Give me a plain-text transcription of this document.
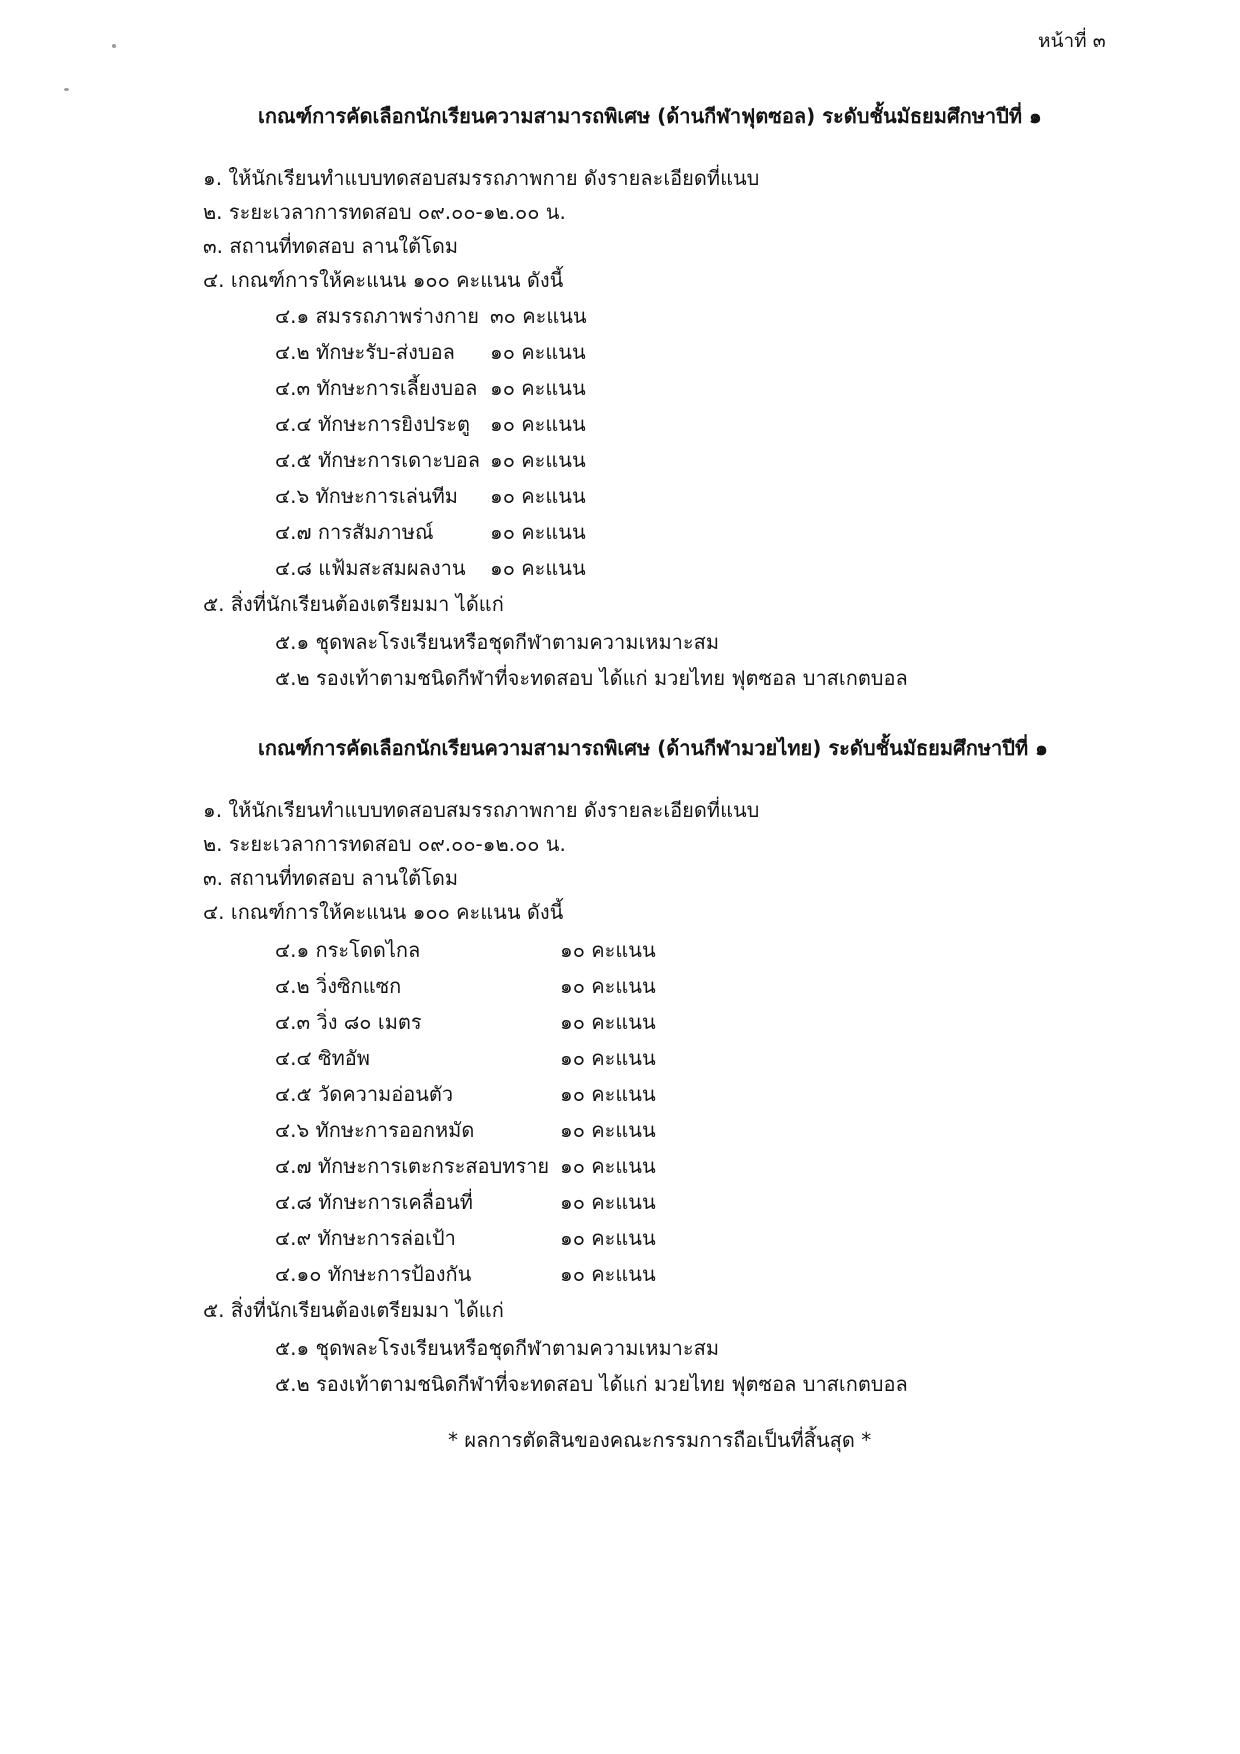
หน้าที่ ๓
เกณฑ์การคัดเลือกนักเรียนความสามารถพิเศษ (ด้านกีฬาฟุตซอล) ระดับชั้นมัธยมศึกษาปีที่ ๑
๑. ให้นักเรียนทำแบบทดสอบสมรรถภาพกาย ดังรายละเอียดที่แนบ
๒. ระยะเวลาการทดสอบ ๐๙.๐๐-๑๒.๐๐ น.
๓. สถานที่ทดสอบ ลานใต้โดม
๔. เกณฑ์การให้คะแนน ๑๐๐ คะแนน ดังนี้
๔.๑ สมรรถภาพร่างกาย ๓๐ คะแนน
๔.๒ ทักษะรับ-ส่งบอล ๑๐ คะแนน
๔.๓ ทักษะการเลี้ยงบอล ๑๐ คะแนน
๔.๔ ทักษะการยิงประตู ๑๐ คะแนน
๔.๕ ทักษะการเดาะบอล ๑๐ คะแนน
๔.๖ ทักษะการเล่นทีม ๑๐ คะแนน
๔.๗ การสัมภาษณ์	๑๐ คะแนน
๔.๘ แฟ้มสะสมผลงาน ๑๐ คะแนน
๕. สิ่งที่นักเรียนต้องเตรียมมา ได้แก่
๕.๑ ชุดพละโรงเรียนหรือชุดกีฬาตามความเหมาะสม
๕.๒ รองเท้าตามชนิดกีฬาที่จะทดสอบ ได้แก่ มวยไทย ฟุตซอล บาสเกตบอล
เกณฑ์การคัดเลือกนักเรียนความสามารถพิเศษ (ด้านกีฬามวยไทย) ระดับชั้นมัธยมศึกษาปีที่ ๑
๑. ให้นักเรียนทำแบบทดสอบสมรรถภาพกาย ดังรายละเอียดที่แนบ
๒. ระยะเวลาการทดสอบ ๐๙.๐๐-๑๒.๐๐ น.
๓. สถานที่ทดสอบ ลานใต้โดม
๔. เกณฑ์การให้คะแนน ๑๐๐ คะแนน ดังนี้
๔.๑ กระโดดไกล	๑๐ คะแนน
๔.๒ วิ่งซิกแซก	๑๐ คะแนน
๔.๓ วิ่ง ๘๐ เมตร	๑๐ คะแนน
๔.๔ ซิทอัพ	๑๐ คะแนน
๔.๕ วัดความอ่อนตัว	๑๐ คะแนน
๔.๖ ทักษะการออกหมัด	๑๐ คะแนน
๔.๗ ทักษะการเตะกระสอบทราย ๑๐ คะแนน
๔.๘ ทักษะการเคลื่อนที่	๑๐ คะแนน
๔.๙ ทักษะการล่อเป้า	๑๐ คะแนน
๔.๑๐ ทักษะการป้องกัน	๑๐ คะแนน
๕. สิ่งที่นักเรียนต้องเตรียมมา ได้แก่
๕.๑ ชุดพละโรงเรียนหรือชุดกีฬาตามความเหมาะสม
๕.๒ รองเท้าตามชนิดกีฬาที่จะทดสอบ ได้แก่ มวยไทย ฟุตซอล บาสเกตบอล
* ผลการตัดสินของคณะกรรมการถือเป็นที่สิ้นสุด *
